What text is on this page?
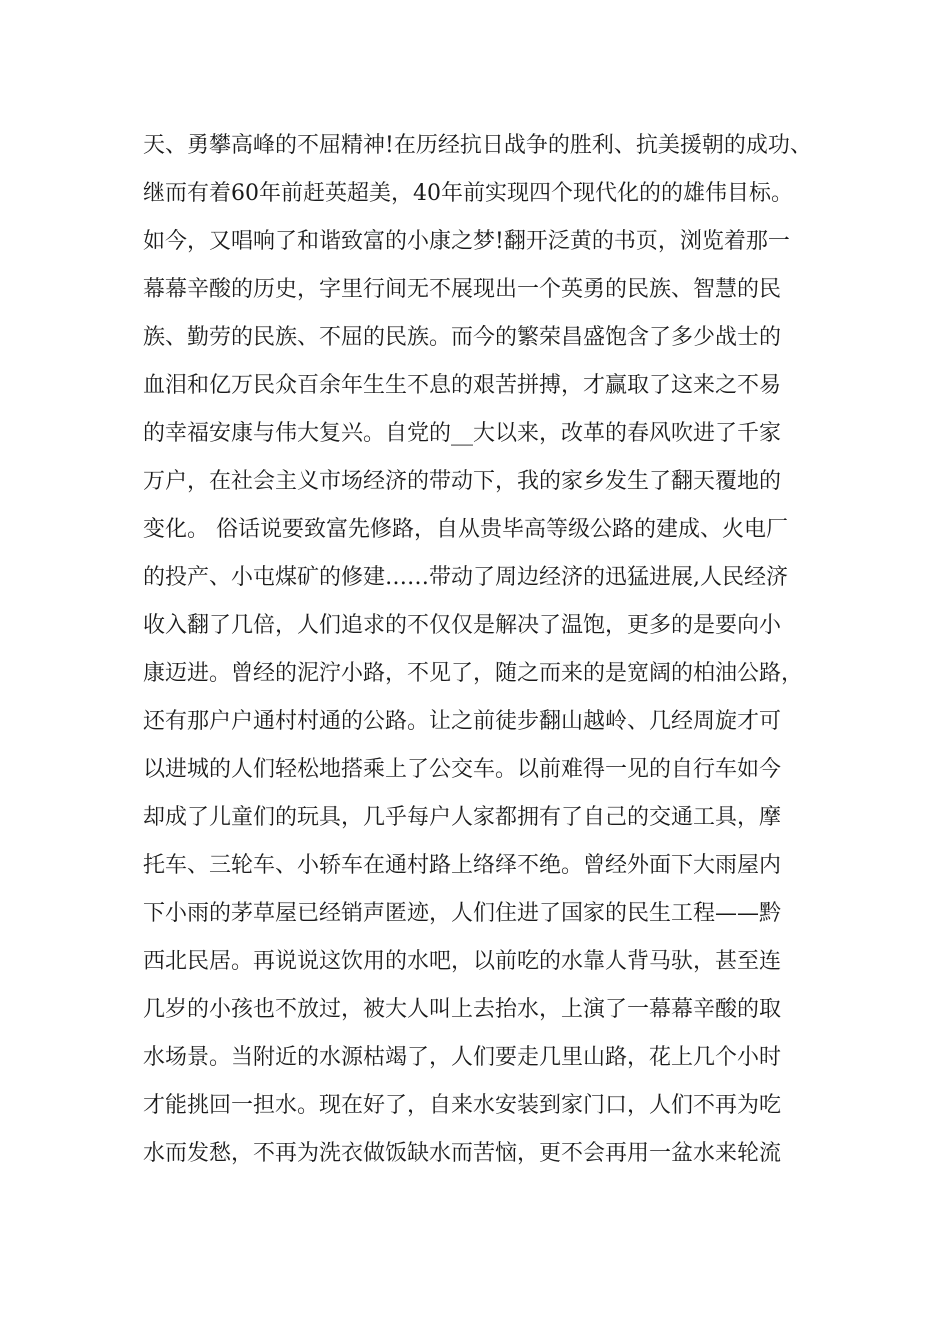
天、勇攀高峰的不屈精神!在历经抗日战争的胜利、抗美援朝的成功、
继而有着60年前赶英超美，40年前实现四个现代化的的雄伟目标。
如今，又唱响了和谐致富的小康之梦!翻开泛黄的书页，浏览着那一
幕幕辛酸的历史，字里行间无不展现出一个英勇的民族、智慧的民
族、勤劳的民族、不屈的民族。而今的繁荣昌盛饱含了多少战士的
血泪和亿万民众百余年生生不息的艰苦拼搏，才赢取了这来之不易
的幸福安康与伟大复兴。自党的__大以来，改革的春风吹进了千家
万户，在社会主义市场经济的带动下，我的家乡发生了翻天覆地的
变化。 俗话说要致富先修路，自从贵毕高等级公路的建成、火电厂
的投产、小屯煤矿的修建……带动了周边经济的迅猛进展,人民经济
收入翻了几倍，人们追求的不仅仅是解决了温饱，更多的是要向小
康迈进。曾经的泥泞小路，不见了，随之而来的是宽阔的柏油公路，
还有那户户通村村通的公路。让之前徒步翻山越岭、几经周旋才可
以进城的人们轻松地搭乘上了公交车。以前难得一见的自行车如今
却成了儿童们的玩具，几乎每户人家都拥有了自己的交通工具，摩
托车、三轮车、小轿车在通村路上络绎不绝。曾经外面下大雨屋内
下小雨的茅草屋已经销声匿迹，人们住进了国家的民生工程——黔
西北民居。再说说这饮用的水吧，以前吃的水靠人背马驮，甚至连
几岁的小孩也不放过，被大人叫上去抬水，上演了一幕幕辛酸的取
水场景。当附近的水源枯竭了，人们要走几里山路，花上几个小时
才能挑回一担水。现在好了，自来水安装到家门口，人们不再为吃
水而发愁，不再为洗衣做饭缺水而苦恼，更不会再用一盆水来轮流
